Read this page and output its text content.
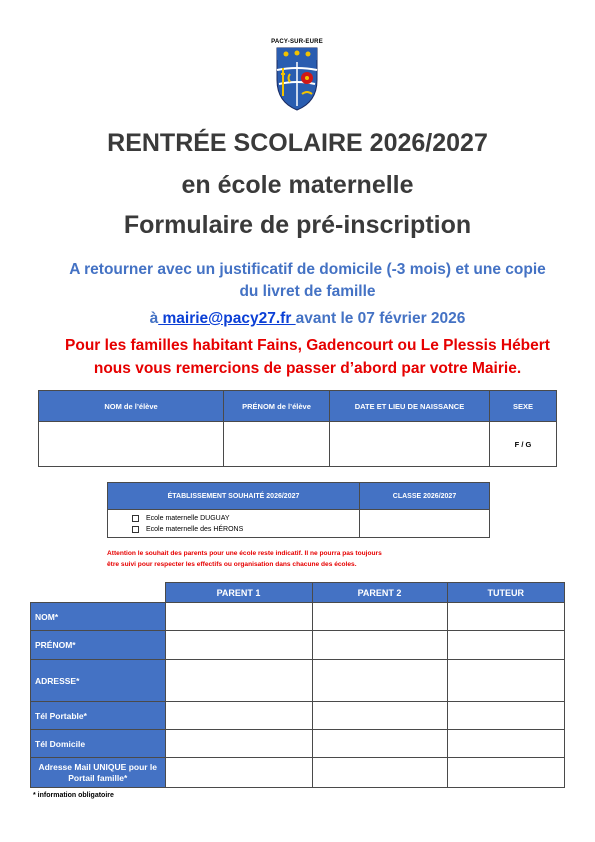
PACY-SUR-EURE
RENTRÉE SCOLAIRE 2026/2027
en école maternelle
Formulaire de pré-inscription
A retourner avec un justificatif de domicile (-3 mois) et une copie
du livret de famille
à mairie@pacy27.fr avant le 07 février 2026
Pour les familles habitant Fains, Gadencourt ou Le Plessis Hébert
nous vous remercions de passer d’abord par votre Mairie.
NOM de l’élève	PRÉNOM de l’élève	DATE ET LIEU DE NAISSANCE	SEXE
			F / G
ÉTABLISSEMENT SOUHAITÉ 2026/2027	CLASSE 2026/2027

Ecole maternelle DUGUAY
Ecole maternelle des HÉRONS	

Attention le souhait des parents pour une école reste indicatif. Il ne pourra pas toujours
être suivi pour respecter les effectifs ou organisation dans chacune des écoles.
	PARENT 1	PARENT 2	TUTEUR
NOM*			
PRÉNOM*			
ADRESSE*			
Tél Portable*			
Tél Domicile			
Adresse Mail UNIQUE pour le Portail famille*			
* information obligatoire
